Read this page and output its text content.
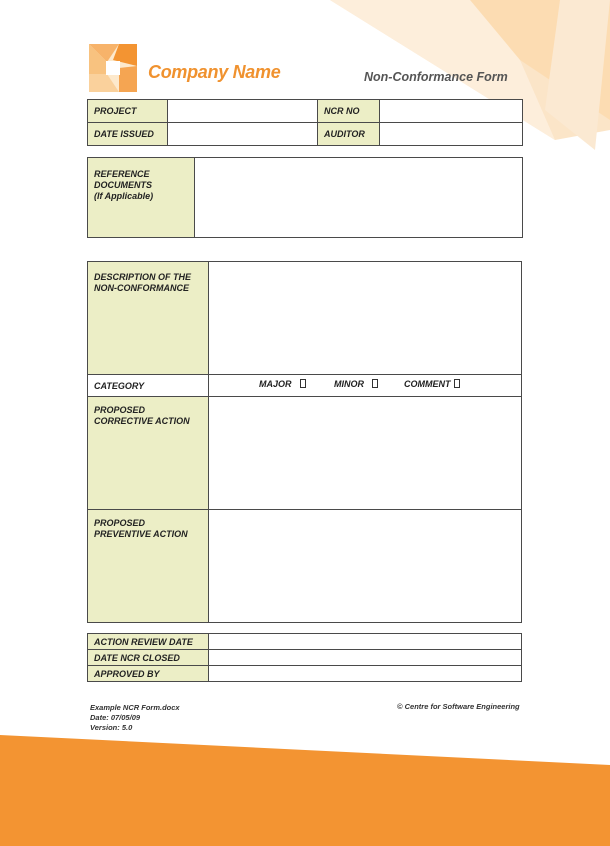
Company Name	Non-Conformance Form
PROJECT		NCR NO	
DATE ISSUED		AUDITOR	
REFERENCE
DOCUMENTS
(If Applicable)

DESCRIPTION OF THE
NON-CONFORMANCE	

CATEGORY	MAJOR MINOR COMMENT

PROPOSED
CORRECTIVE ACTION	

PROPOSED
PREVENTIVE ACTION	

ACTION REVIEW DATE	
DATE NCR CLOSED	
APPROVED BY	
Example NCR Form.docx
Date: 07/05/09
Version: 5.0
© Centre for Software Engineering
